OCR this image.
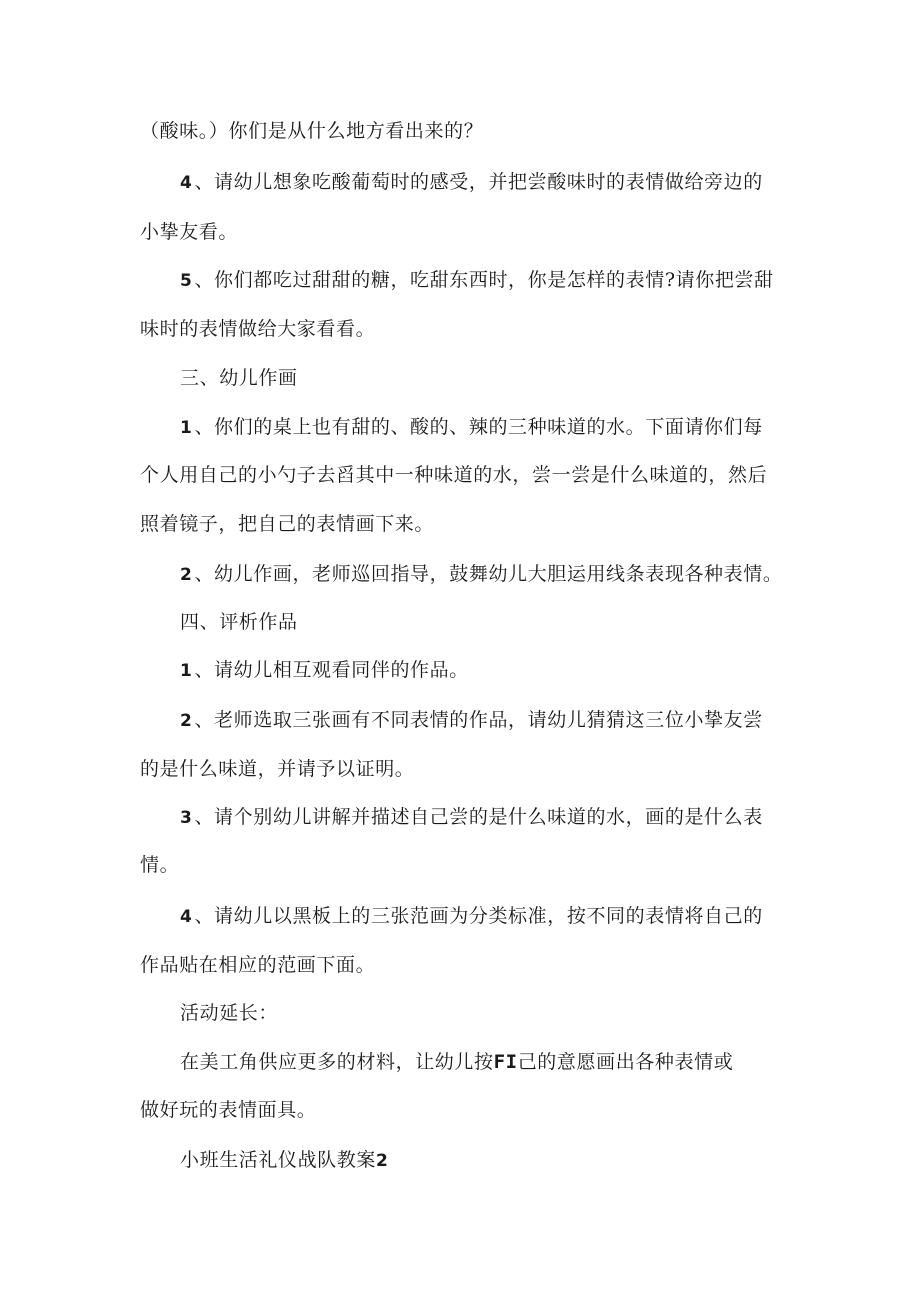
（酸味。）你们是从什么地方看出来的？
4 、请幼儿想象吃酸葡萄时的感受，并把尝酸味时的表情做给旁边的
小挚友看。
5 、你们都吃过甜甜的糖，吃甜东西时，你是怎样的表情?请你把尝甜
味时的表情做给大家看看。
三、幼儿作画
1 、你们的桌上也有甜的、酸的、辣的三种味道的水。下面请你们每
个人用自己的小勺子去舀其中一种味道的水，尝一尝是什么味道的，然后
照着镜子，把自己的表情画下来。
2 、幼儿作画，老师巡回指导，鼓舞幼儿大胆运用线条表现各种表情。
四、评析作品
1 、请幼儿相互观看同伴的作品。
2 、老师选取三张画有不同表情的作品，请幼儿猜猜这三位小挚友尝
的是什么味道，并请予以证明。
3 、请个别幼儿讲解并描述自己尝的是什么味道的水，画的是什么表
情。
4 、请幼儿以黑板上的三张范画为分类标准，按不同的表情将自己的
作品贴在相应的范画下面。
活动延长：
在美工角供应更多的材料，让幼儿按FI己的意愿画出各种表情或
做好玩的表情面具。
小班生活礼仪战队教案2
